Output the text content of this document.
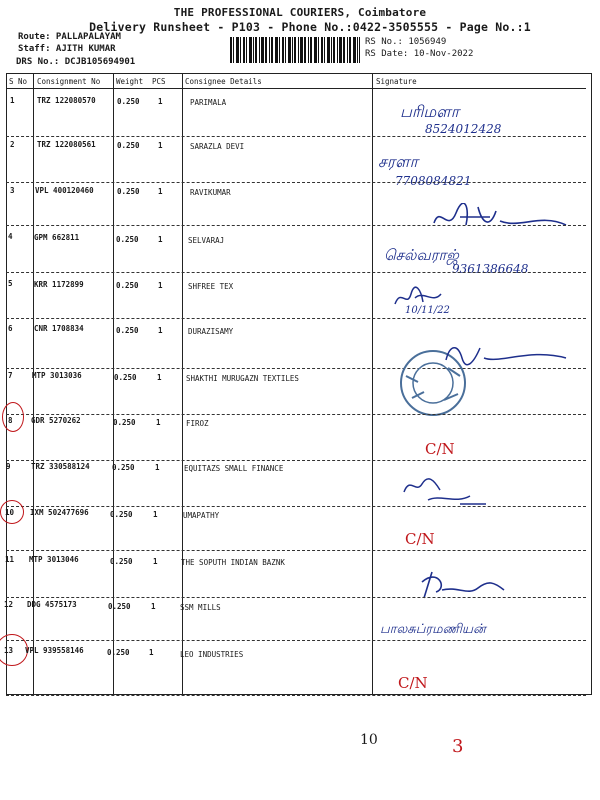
THE PROFESSIONAL COURIERS, Coimbatore
Delivery Runsheet - P103 - Phone No.:0422-3505555 - Page No.:1
Route: PALLAPALAYAM
Staff: AJITH KUMAR
DRS No.: DCJB105694901
RS No.: 1056949
RS Date: 10-Nov-2022
S No Consignment No Weight PCS	Consignee Details	Signature
1	TRZ 122080570	0.250 1	PARIMALA	பரிமளா
8524012428
2	TRZ 122080561	0.250 1	SARAZLA DEVI
சரளா
7708084821
3	VPL 400120460	0.250 1	RAVIKUMAR
4	GPM 662811	0.250	1	SELVARAJ
செல்வராஜ்
9361386648
5	KRR 1172899	0.250	1	SHFREE TEX
10/11/22
6	CNR 1708834	0.250	1	DURAZISAMY
7	MTP 3013036	0.250	1	SHAKTHI MURUGAZN TEXTILES
8 GDR 5270262	0.250	1	FIROZ
C/N
9	TRZ 330588124	0.250	1	EQUITAZS SMALL FINANCE
10 IXM 502477696	0.250	1	UMAPATHY
C/N
11 MTP 3013046	0.250	1	THE SOPUTH INDIAN BAZNK
12 DDG 4575173	0.250	1	SSM MILLS
பாலசுப்ரமணியன்
13 VPL 939558146	0.250	1	LEO INDUSTRIES
C/N
10	3
